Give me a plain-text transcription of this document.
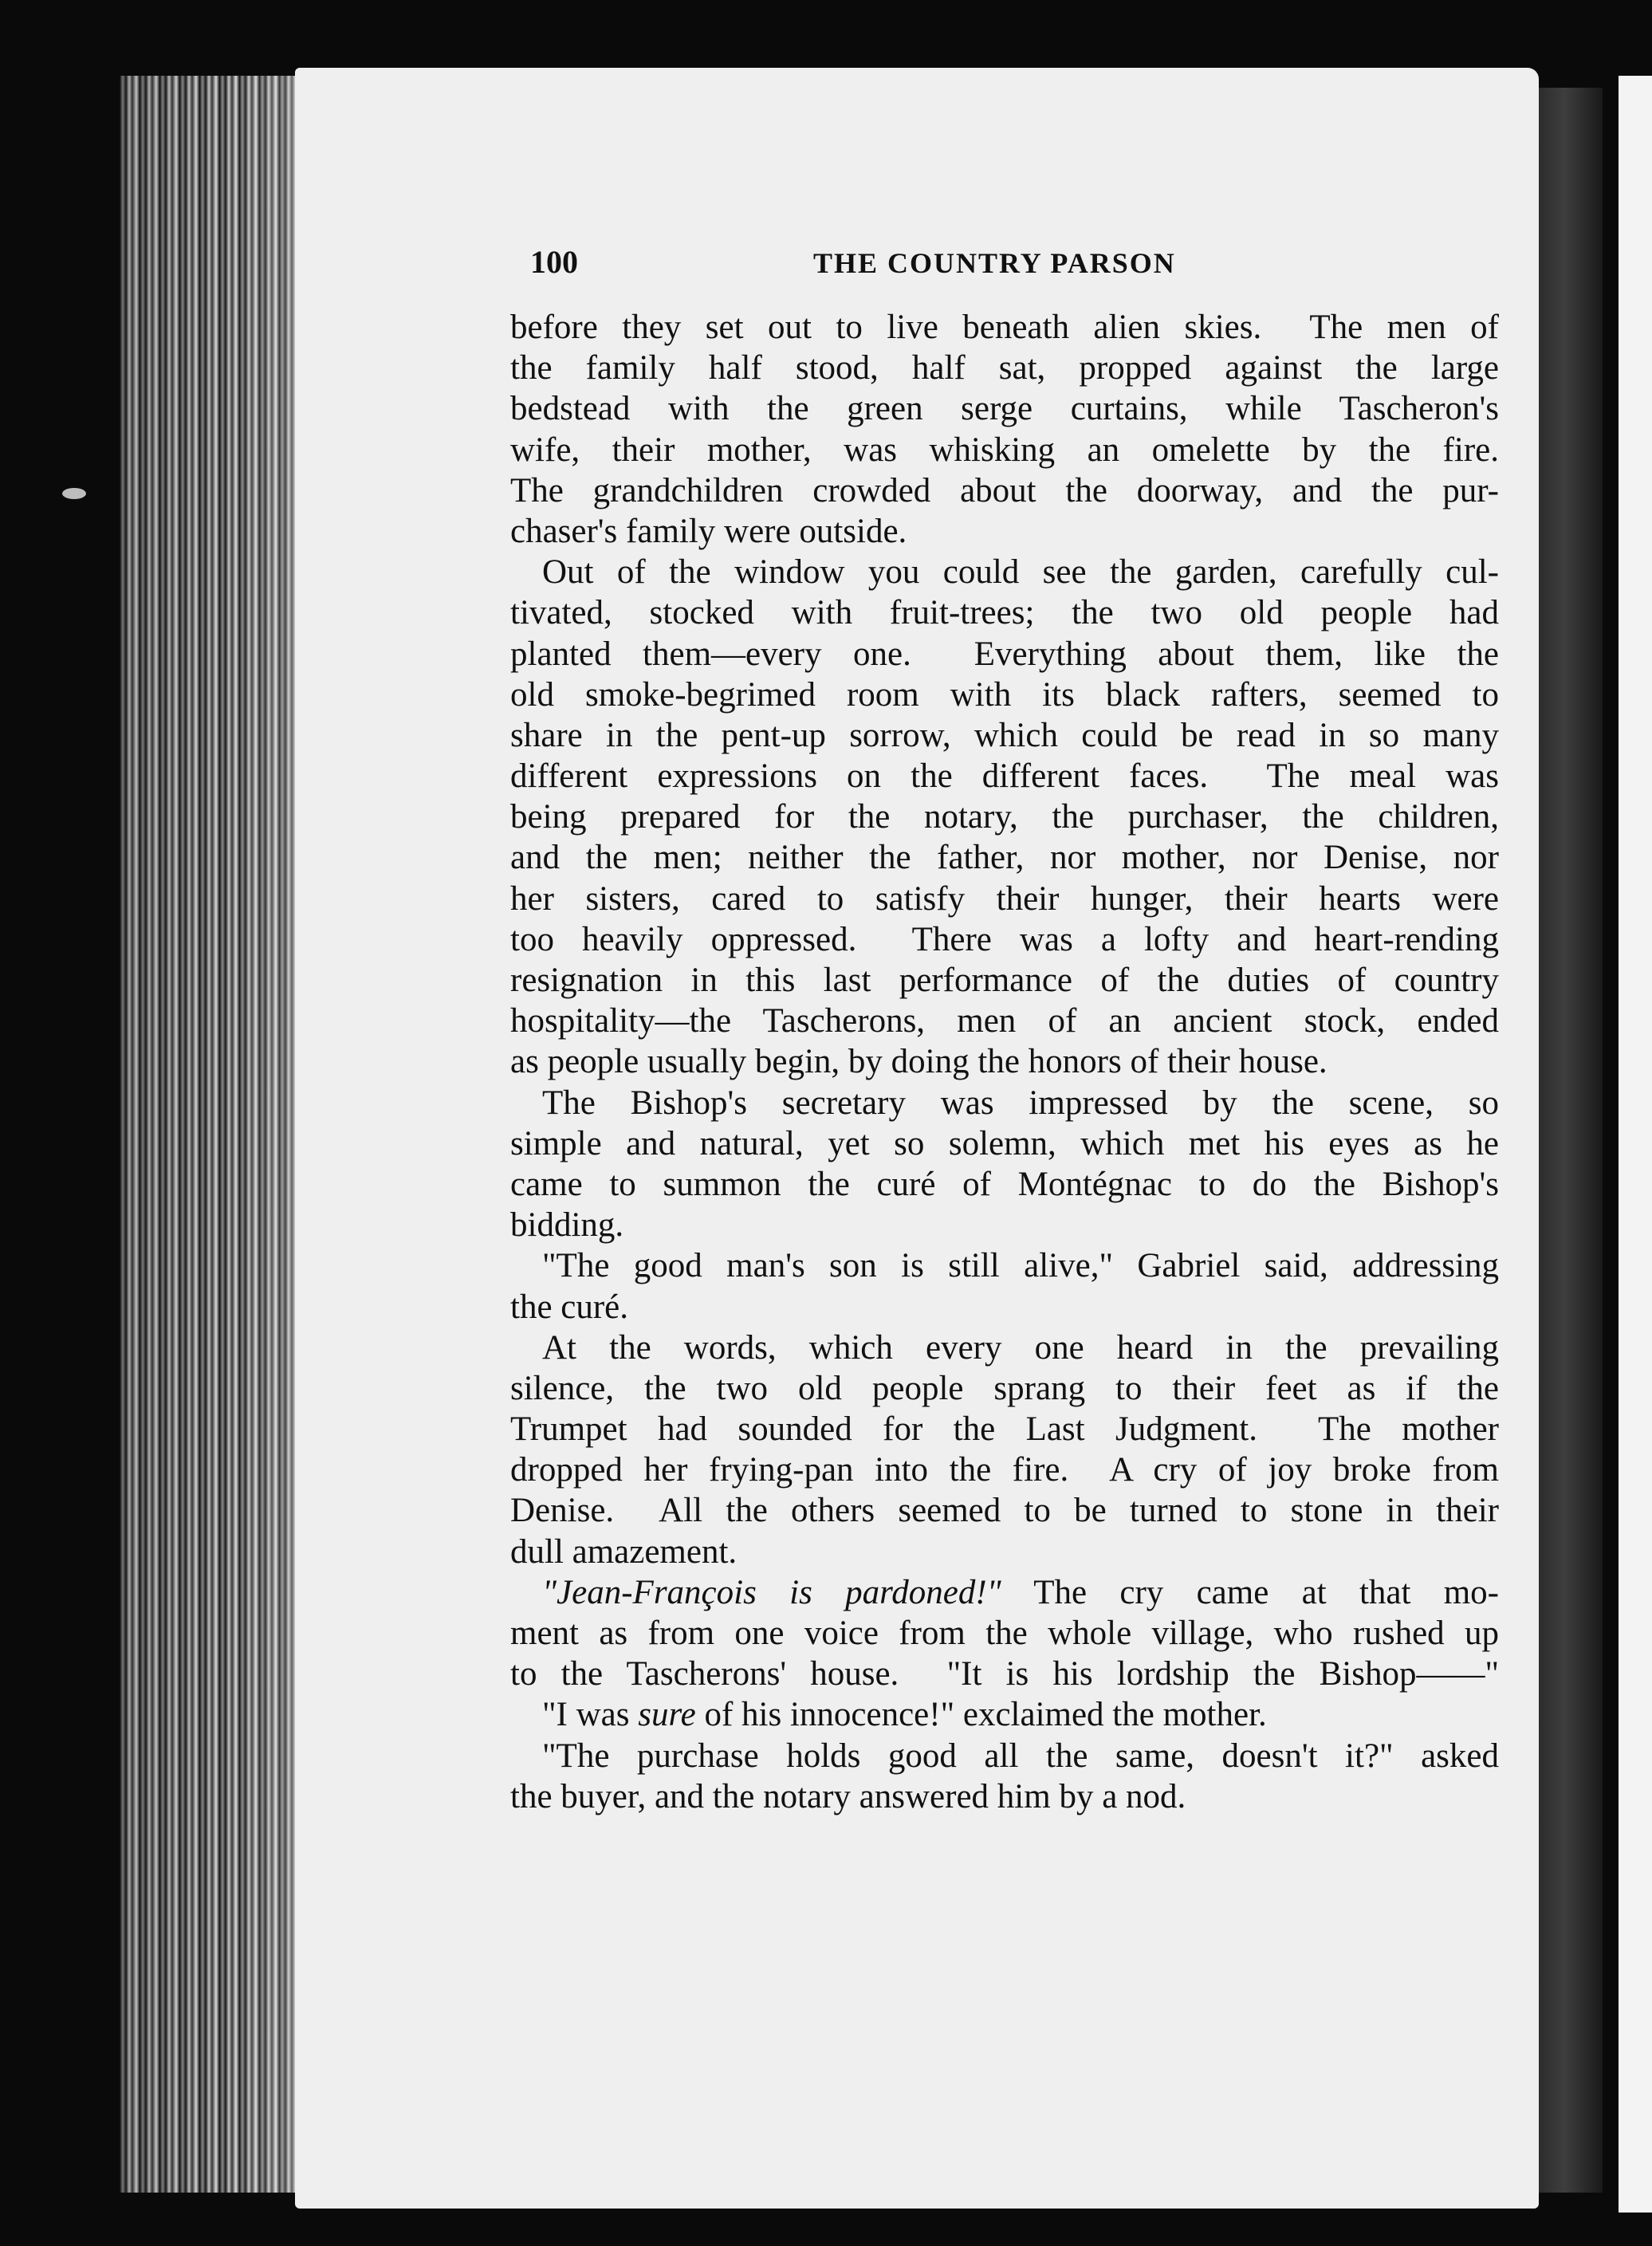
100	THE COUNTRY PARSON
before they set out to live beneath alien skies.  The men of
the family half stood, half sat, propped against the large
bedstead with the green serge curtains, while Tascheron's
wife, their mother, was whisking an omelette by the fire.
The grandchildren crowded about the doorway, and the pur-
chaser's family were outside.
Out of the window you could see the garden, carefully cul-
tivated, stocked with fruit-trees; the two old people had
planted them—every one.  Everything about them, like the
old smoke-begrimed room with its black rafters, seemed to
share in the pent-up sorrow, which could be read in so many
different expressions on the different faces.  The meal was
being prepared for the notary, the purchaser, the children,
and the men; neither the father, nor mother, nor Denise, nor
her sisters, cared to satisfy their hunger, their hearts were
too heavily oppressed.  There was a lofty and heart-rending
resignation in this last performance of the duties of country
hospitality—the Tascherons, men of an ancient stock, ended
as people usually begin, by doing the honors of their house.
The Bishop's secretary was impressed by the scene, so
simple and natural, yet so solemn, which met his eyes as he
came to summon the curé of Montégnac to do the Bishop's
bidding.
"The good man's son is still alive," Gabriel said, addressing
the curé.
At the words, which every one heard in the prevailing
silence, the two old people sprang to their feet as if the
Trumpet had sounded for the Last Judgment.  The mother
dropped her frying-pan into the fire.  A cry of joy broke from
Denise.  All the others seemed to be turned to stone in their
dull amazement.
"Jean-François is pardoned!" The cry came at that mo-
ment as from one voice from the whole village, who rushed up
to the Tascherons' house.  "It is his lordship the Bishop——"
"I was sure of his innocence!" exclaimed the mother.
"The purchase holds good all the same, doesn't it?" asked
the buyer, and the notary answered him by a nod.
